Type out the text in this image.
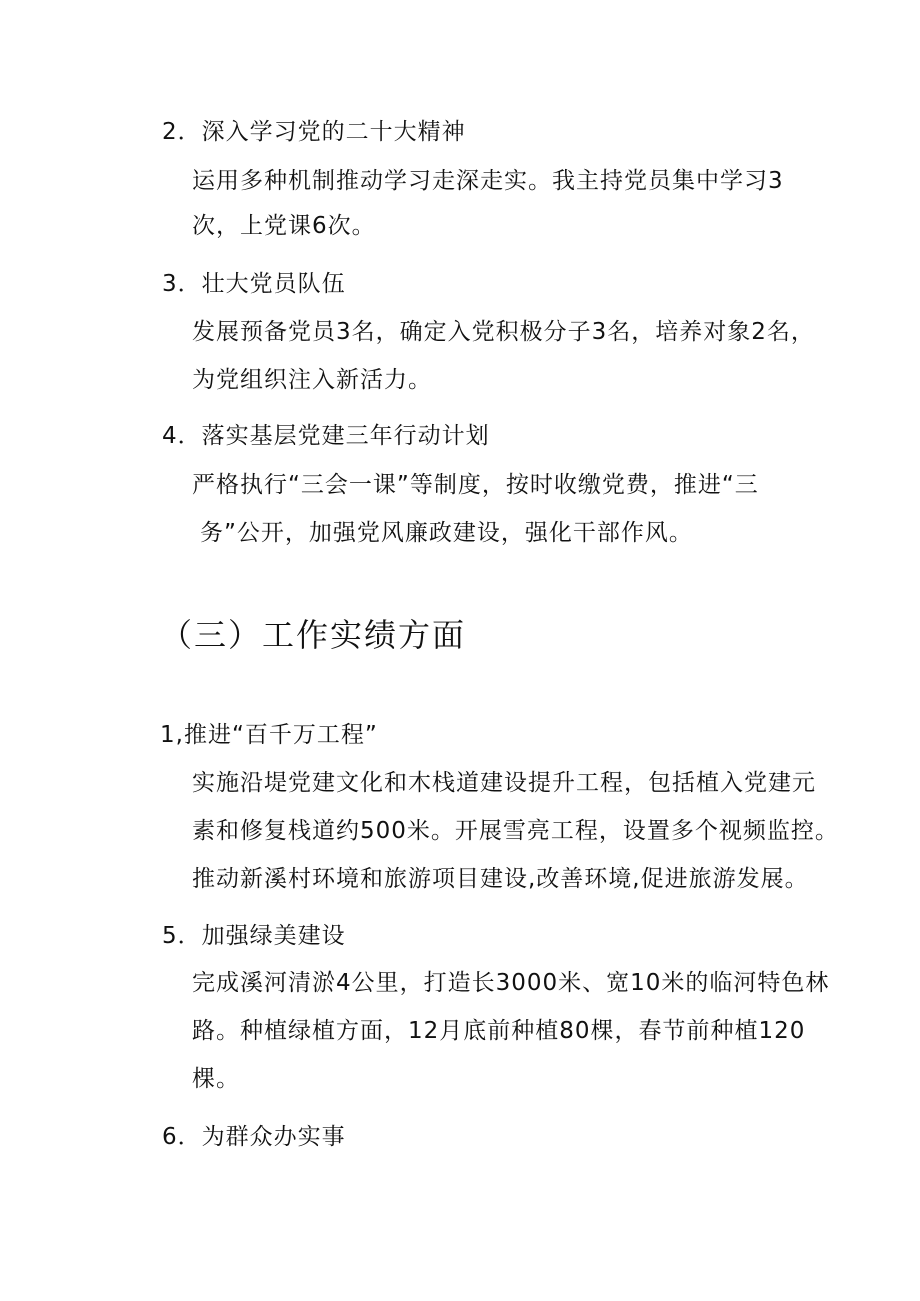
2．深入学习党的二十大精神
运用多种机制推动学习走深走实。我主持党员集中学习3
次，上党课6次。
3．壮大党员队伍
发展预备党员3名，确定入党积极分子3名，培养对象2名，
为党组织注入新活力。
4．落实基层党建三年行动计划
严格执行“三会一课”等制度，按时收缴党费，推进“三
务”公开，加强党风廉政建设，强化干部作风。
（三）工作实绩方面
1,推进“百千万工程”
实施沿堤党建文化和木栈道建设提升工程，包括植入党建元
素和修复栈道约500米。开展雪亮工程，设置多个视频监控。
推动新溪村环境和旅游项目建设,改善环境,促进旅游发展。
5．加强绿美建设
完成溪河清淤4公里，打造长3000米、宽10米的临河特色林
路。种植绿植方面，12月底前种植80棵，春节前种植120
棵。
6．为群众办实事
